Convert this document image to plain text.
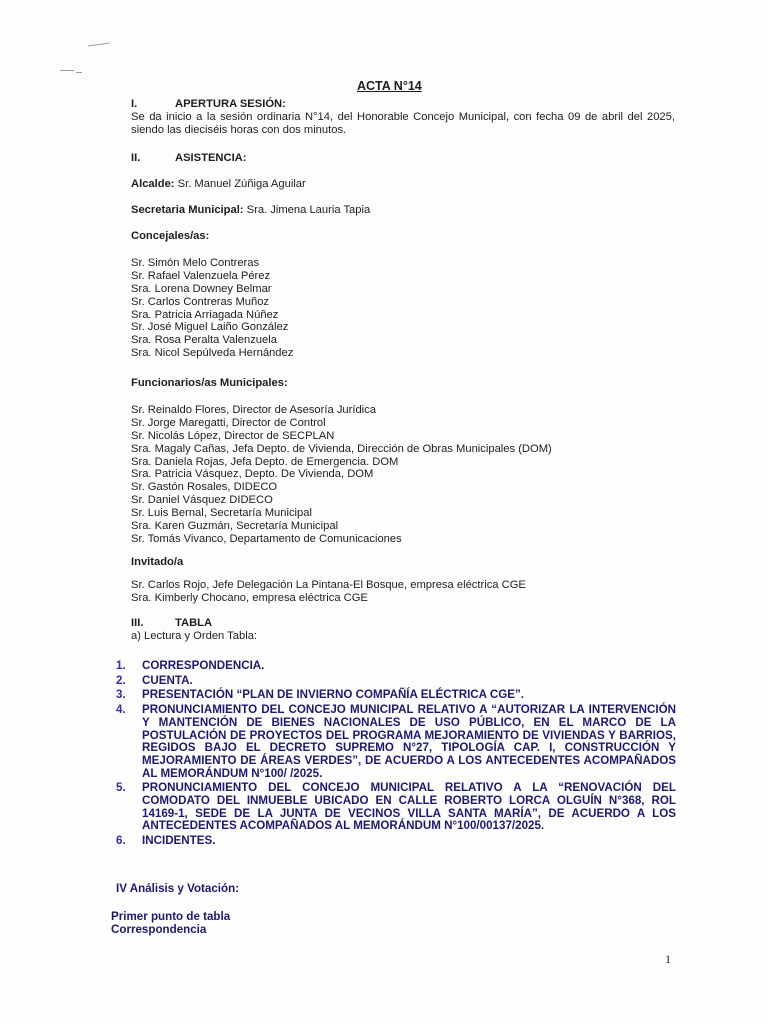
ACTA N°14
I.	APERTURA SESIÓN:
Se da inicio a la sesión ordinaria N°14, del Honorable Concejo Municipal, con fecha 09 de abril del 2025, siendo las dieciséis horas con dos minutos.
II.	ASISTENCIA:
Alcalde: Sr. Manuel Zúñiga Aguilar
Secretaria Municipal: Sra. Jimena Lauria Tapia
Concejales/as:
Sr. Simón Melo Contreras
Sr. Rafael Valenzuela Pérez
Sra. Lorena Downey Belmar
Sr. Carlos Contreras Muñoz
Sra. Patricia Arriagada Núñez
Sr. José Miguel Laiño González
Sra. Rosa Peralta Valenzuela
Sra. Nicol Sepúlveda Hernández
Funcionarios/as Municipales:
Sr. Reinaldo Flores, Director de Asesoría Jurídica
Sr. Jorge Maregatti, Director de Control
Sr. Nicolás López, Director de SECPLAN
Sra. Magaly Cañas, Jefa Depto. de Vivienda, Dirección de Obras Municipales (DOM)
Sra. Daniela Rojas, Jefa Depto. de Emergencia. DOM
Sra. Patricia Vásquez, Depto. De Vivienda, DOM
Sr. Gastón Rosales, DIDECO
Sr. Daniel Vásquez DIDECO
Sr. Luis Bernal, Secretaría Municipal
Sra. Karen Guzmán, Secretaría Municipal
Sr. Tomás Vivanco, Departamento de Comunicaciones
Invitado/a
Sr. Carlos Rojo, Jefe Delegación La Pintana-El Bosque, empresa eléctrica CGE
Sra. Kimberly Chocano, empresa eléctrica CGE
III.	TABLA
a) Lectura y Orden Tabla:
1. CORRESPONDENCIA.
2. CUENTA.
3. PRESENTACIÓN “PLAN DE INVIERNO COMPAÑÍA ELÉCTRICA CGE”.
4. PRONUNCIAMIENTO DEL CONCEJO MUNICIPAL RELATIVO A “AUTORIZAR LA INTERVENCIÓN Y MANTENCIÓN DE BIENES NACIONALES DE USO PÚBLICO, EN EL MARCO DE LA POSTULACIÓN DE PROYECTOS DEL PROGRAMA MEJORAMIENTO DE VIVIENDAS Y BARRIOS, REGIDOS BAJO EL DECRETO SUPREMO N°27, TIPOLOGÍA CAP. I, CONSTRUCCIÓN Y MEJORAMIENTO DE ÁREAS VERDES”, DE ACUERDO A LOS ANTECEDENTES ACOMPAÑADOS AL MEMORÁNDUM N°100/ /2025.
5. PRONUNCIAMIENTO DEL CONCEJO MUNICIPAL RELATIVO A LA “RENOVACIÓN DEL COMODATO DEL INMUEBLE UBICADO EN CALLE ROBERTO LORCA OLGUÍN N°368, ROL 14169-1, SEDE DE LA JUNTA DE VECINOS VILLA SANTA MARÍA”, DE ACUERDO A LOS ANTECEDENTES ACOMPAÑADOS AL MEMORÁNDUM N°100/00137/2025.
6. INCIDENTES.
IV Análisis y Votación:
Primer punto de tabla
Correspondencia
1
